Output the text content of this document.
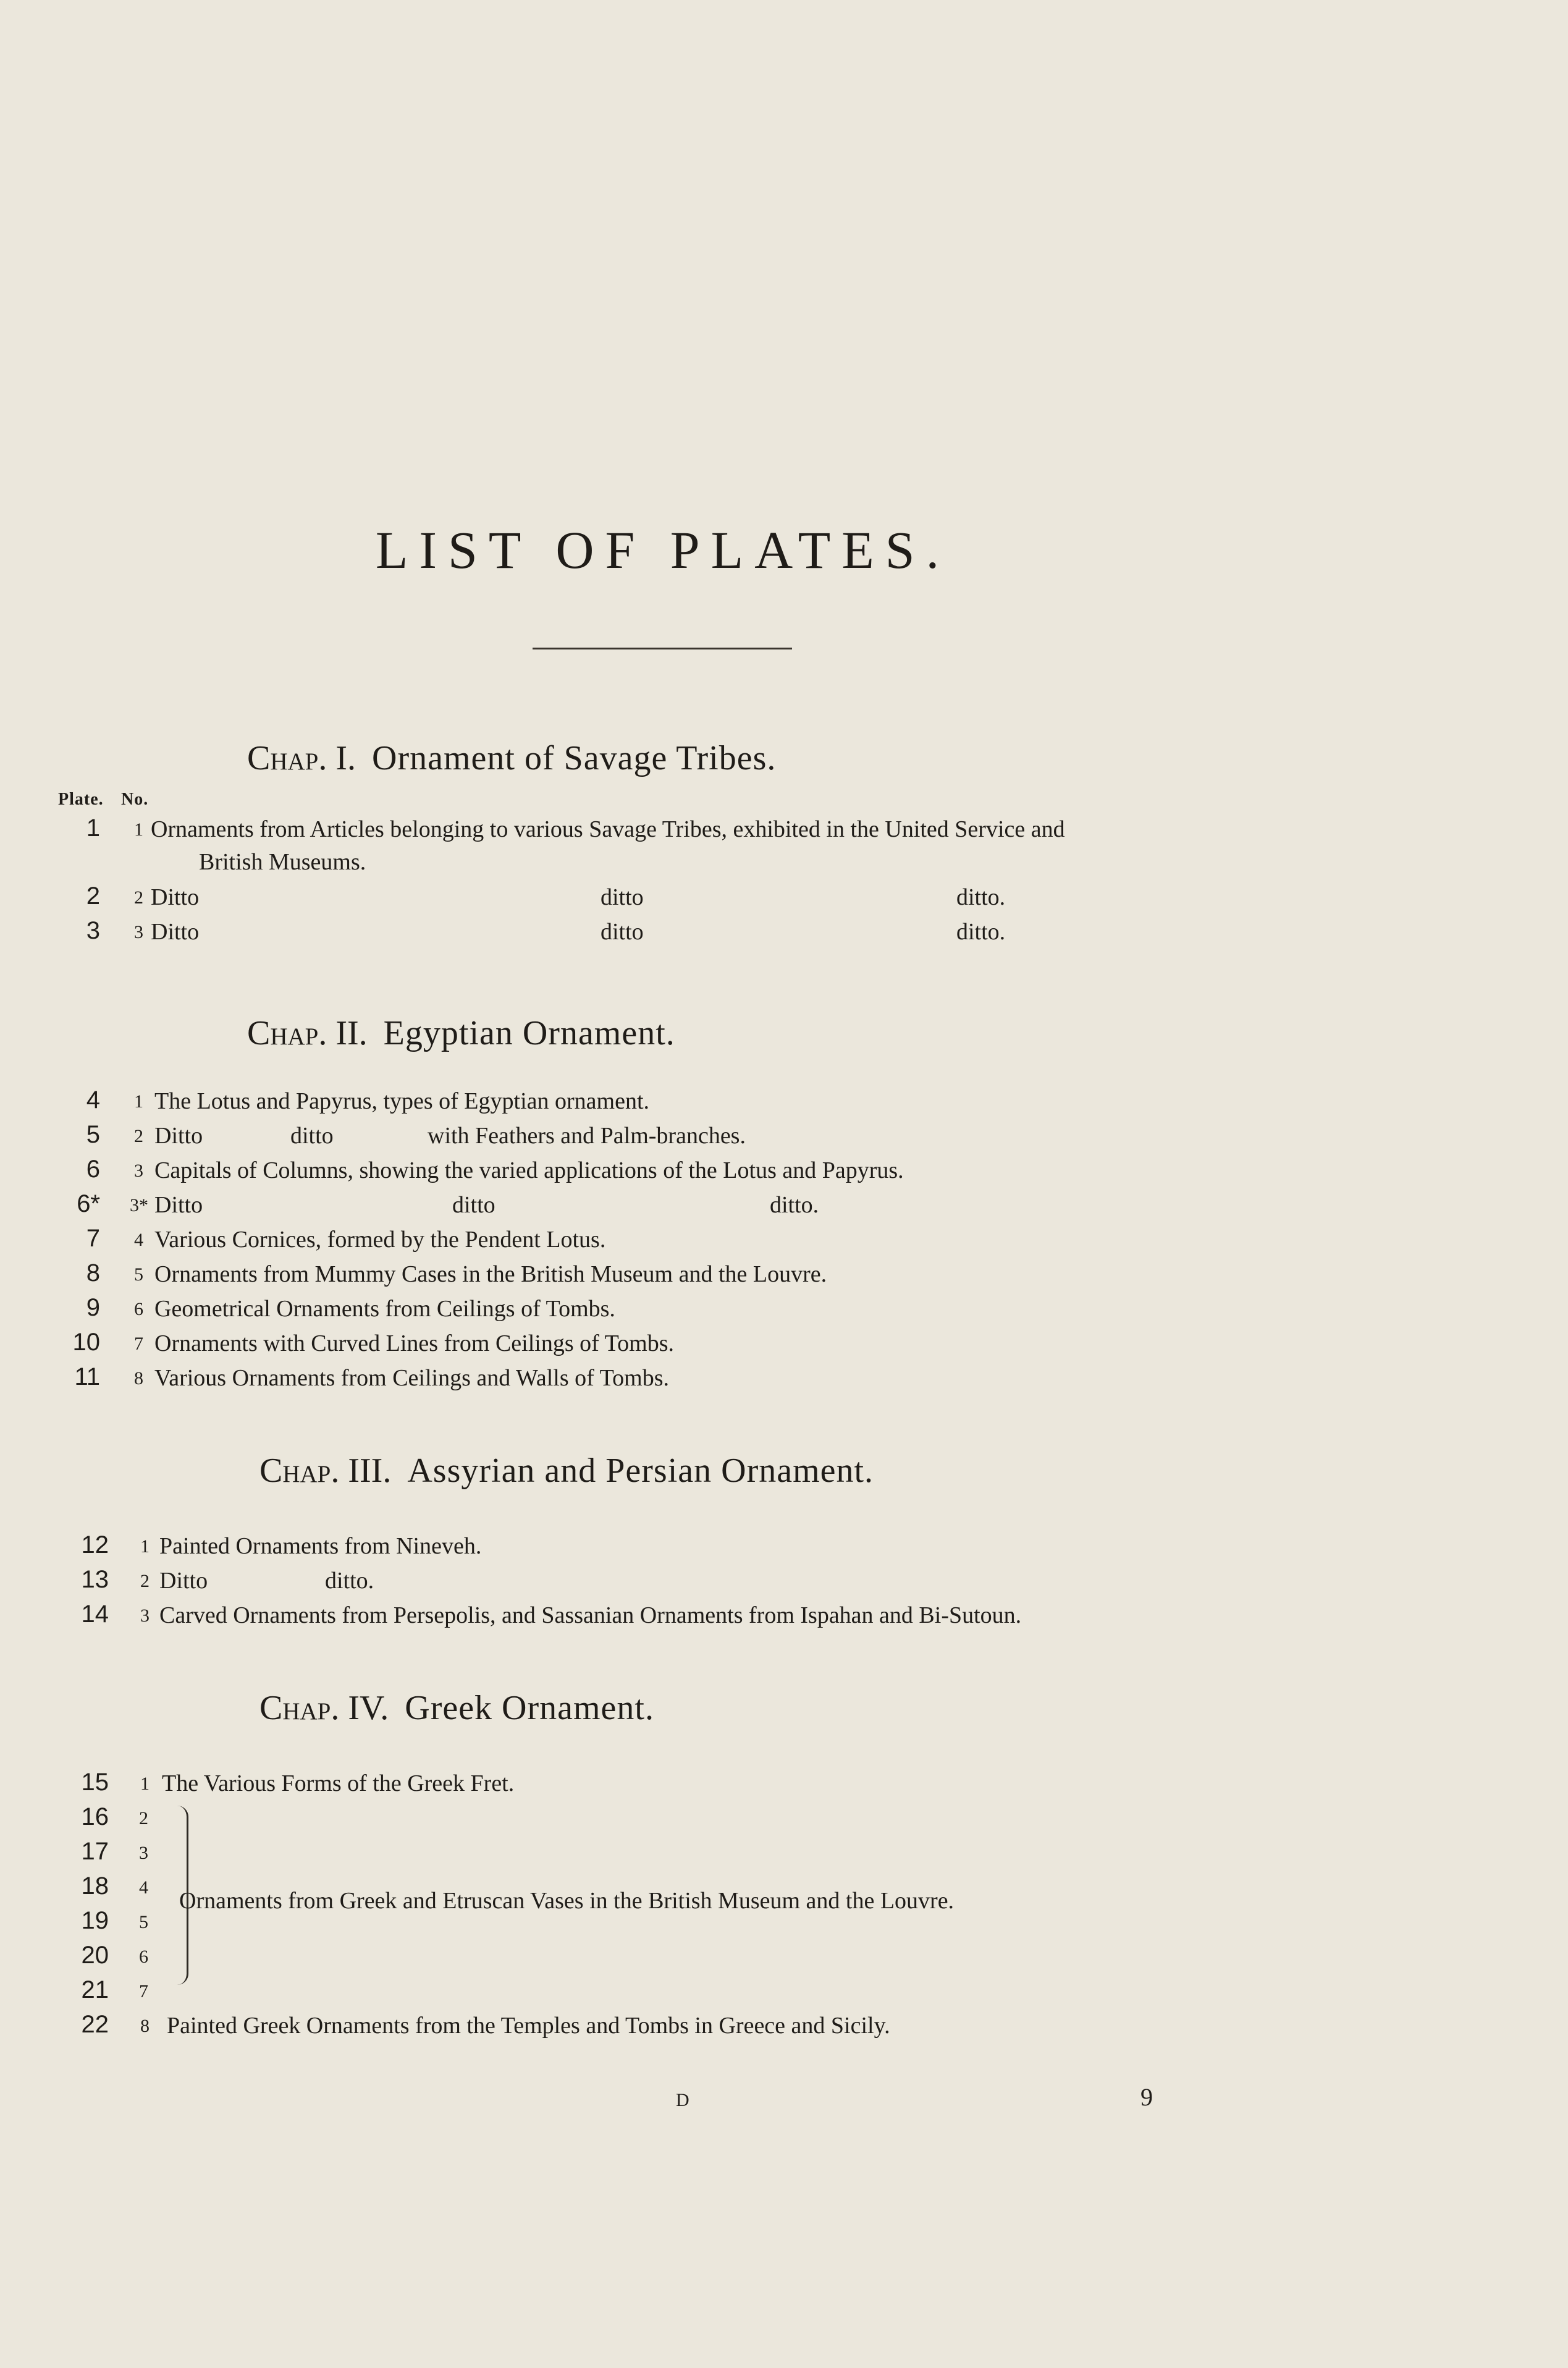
LIST OF PLATES.
Chap. I. Ornament of Savage Tribes.
Plate. No.
1	1 Ornaments from Articles belonging to various Savage Tribes, exhibited in the United Service and
British Museums.
2	2 Ditto	ditto	ditto.
3	3 Ditto	ditto	ditto.
Chap. II. Egyptian Ornament.
4	1 The Lotus and Papyrus, types of Egyptian ornament.
5	2 Ditto	ditto	with Feathers and Palm-branches.
6	3 Capitals of Columns, showing the varied applications of the Lotus and Papyrus.
6*	3* Ditto	ditto	ditto.
7	4 Various Cornices, formed by the Pendent Lotus.
8	5 Ornaments from Mummy Cases in the British Museum and the Louvre.
9	6 Geometrical Ornaments from Ceilings of Tombs.
10	7 Ornaments with Curved Lines from Ceilings of Tombs.
11	8 Various Ornaments from Ceilings and Walls of Tombs.
Chap. III. Assyrian and Persian Ornament.
12	1 Painted Ornaments from Nineveh.
13	2 Ditto	ditto.
14	3 Carved Ornaments from Persepolis, and Sassanian Ornaments from Ispahan and Bi-Sutoun.
Chap. IV. Greek Ornament.
15	1 The Various Forms of the Greek Fret.
16	2
17	3
18	4
19	5
20	6
21	7
Ornaments from Greek and Etruscan Vases in the British Museum and the Louvre.
22	8 Painted Greek Ornaments from the Temples and Tombs in Greece and Sicily.
D	9
